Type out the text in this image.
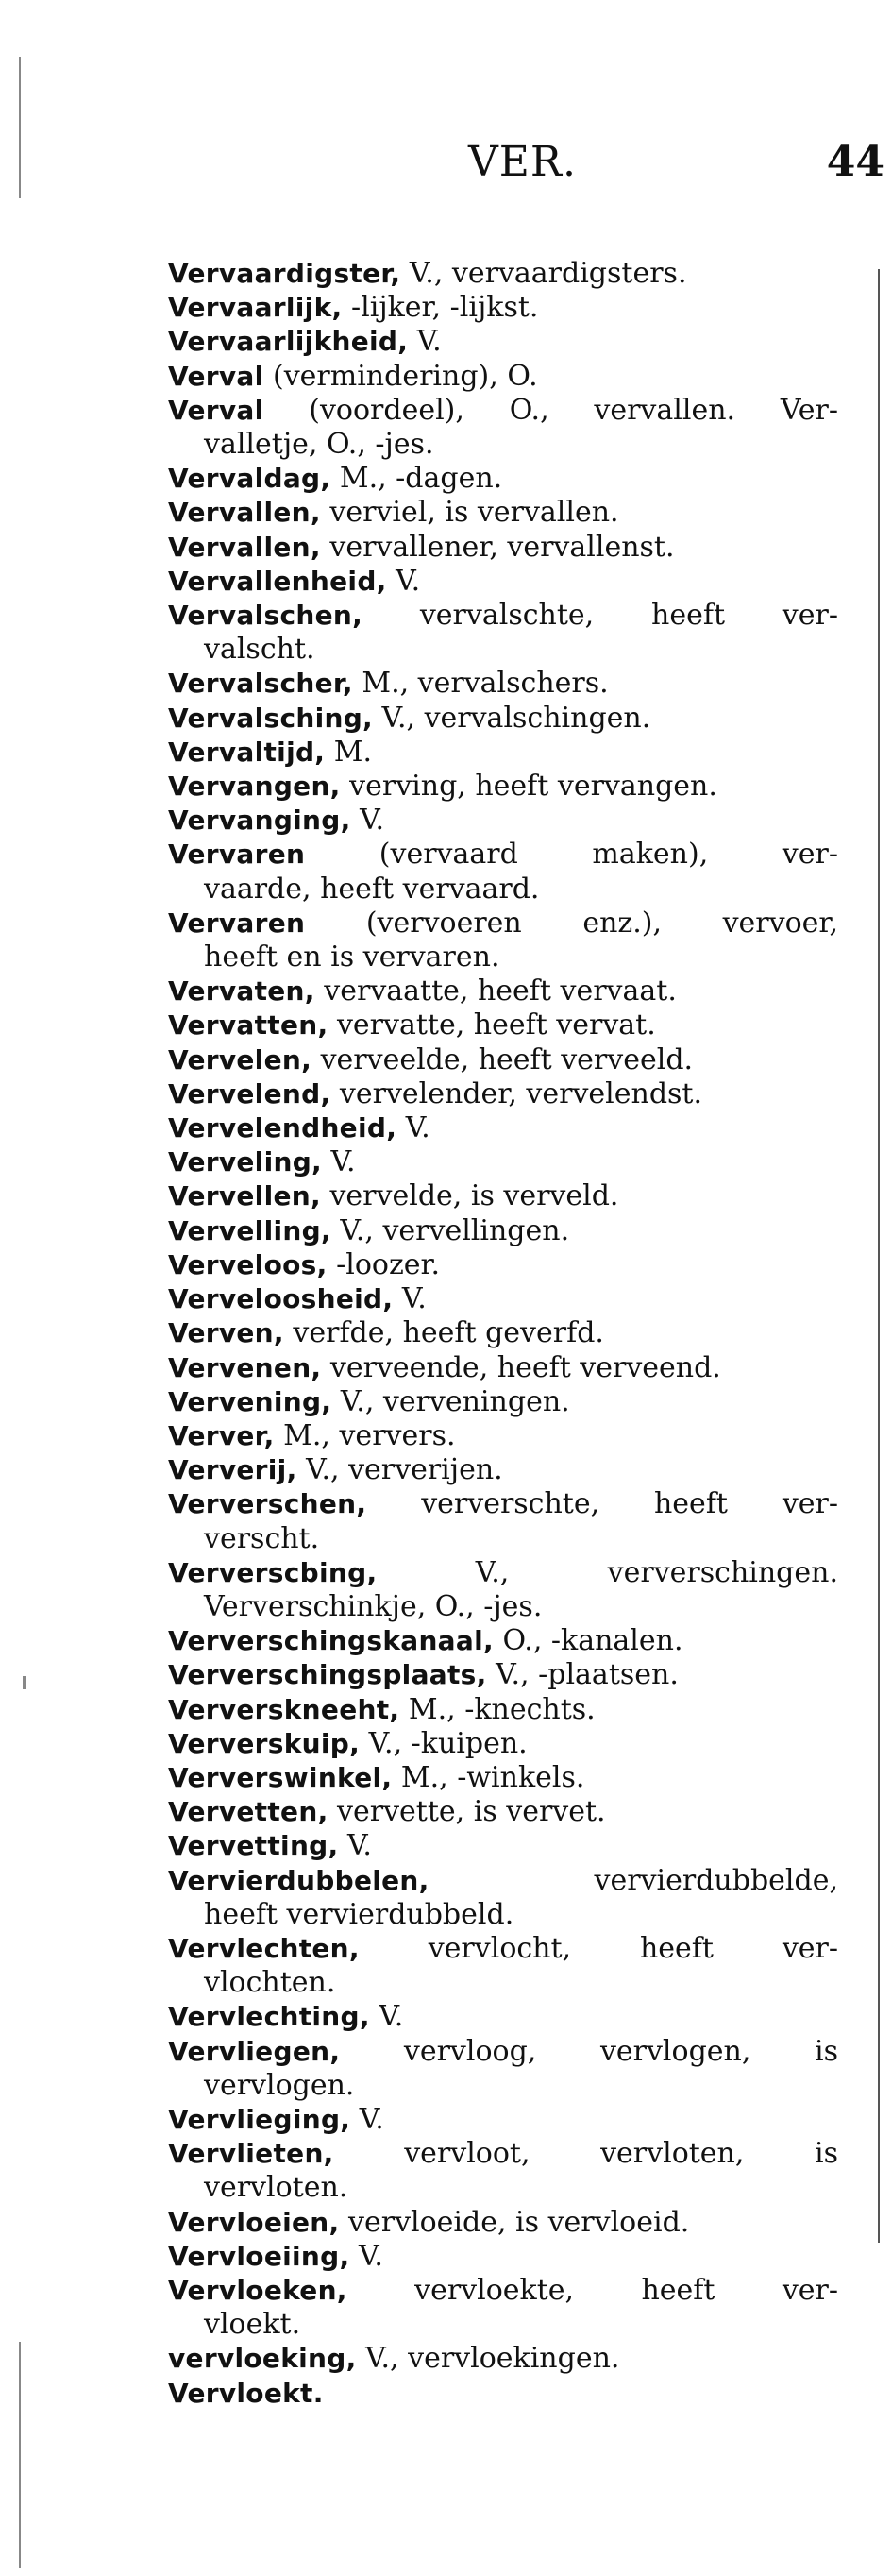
VER.	44
Vervaardigster, V., vervaardigsters.
Vervaarlijk, -lijker, -lijkst.
Vervaarlijkheid, V.
Verval (vermindering), O.
Verval (voordeel), O., vervallen. Ver-
valletje, O., -jes.
Vervaldag, M., -dagen.
Vervallen, verviel, is vervallen.
Vervallen, vervallener, vervallenst.
Vervallenheid, V.
Vervalschen, vervalschte, heeft ver-
valscht.
Vervalscher, M., vervalschers.
Vervalsching, V., vervalschingen.
Vervaltijd, M.
Vervangen, verving, heeft vervangen.
Vervanging, V.
Vervaren (vervaard maken), ver-
vaarde, heeft vervaard.
Vervaren (vervoeren enz.), vervoer,
heeft en is vervaren.
Vervaten, vervaatte, heeft vervaat.
Vervatten, vervatte, heeft vervat.
Vervelen, verveelde, heeft verveeld.
Vervelend, vervelender, vervelendst.
Vervelendheid, V.
Verveling, V.
Vervellen, vervelde, is verveld.
Vervelling, V., vervellingen.
Verveloos, -loozer.
Verveloosheid, V.
Verven, verfde, heeft geverfd.
Vervenen, verveende, heeft verveend.
Vervening, V., verveningen.
Verver, M., ververs.
Ververij, V., ververijen.
Ververschen, ververschte, heeft ver-
verscht.
Ververscbing, V., ververschingen.
Ververschinkje, O., -jes.
Ververschingskanaal, O., -kanalen.
Ververschingsplaats, V., -plaatsen.
Ververskneeht, M., -knechts.
Ververskuip, V., -kuipen.
Ververswinkel, M., -winkels.
Vervetten, vervette, is vervet.
Vervetting, V.
Vervierdubbelen, vervierdubbelde,
heeft vervierdubbeld.
Vervlechten, vervlocht, heeft ver-
vlochten.
Vervlechting, V.
Vervliegen, vervloog, vervlogen, is
vervlogen.
Vervlieging, V.
Vervlieten, vervloot, vervloten, is
vervloten.
Vervloeien, vervloeide, is vervloeid.
Vervloeiing, V.
Vervloeken, vervloekte, heeft ver-
vloekt.
vervloeking, V., vervloekingen.
Vervloekt.
